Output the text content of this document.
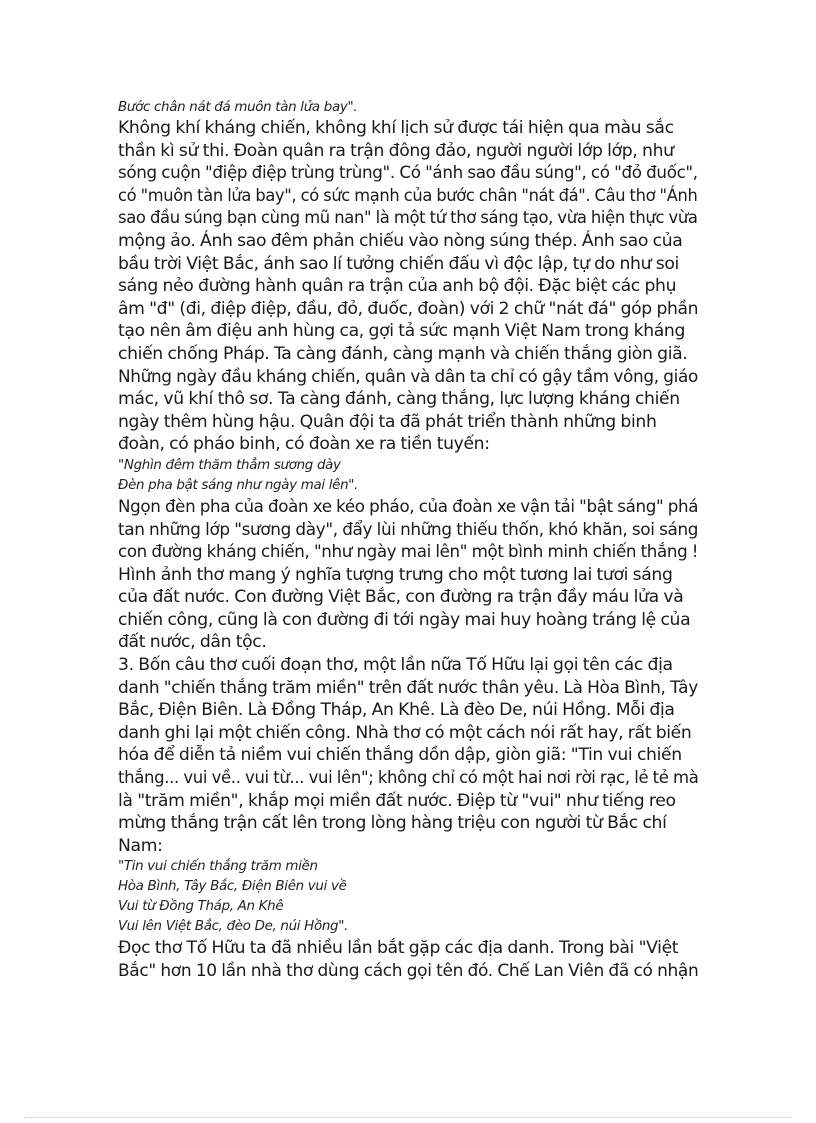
Bước chân nát đá muôn tàn lửa bay".
Không khí kháng chiến, không khí lịch sử được tái hiện qua màu sắc
thần kì sử thi. Đoàn quân ra trận đông đảo, người người lớp lớp, như
sóng cuộn "điệp điệp trùng trùng". Có "ánh sao đầu súng", có "đỏ đuốc",
có "muôn tàn lửa bay", có sức mạnh của bước chân "nát đá". Câu thơ "Ánh
sao đầu súng bạn cùng mũ nan" là một tứ thơ sáng tạo, vừa hiện thực vừa
mộng ảo. Ánh sao đêm phản chiếu vào nòng súng thép. Ánh sao của
bầu trời Việt Bắc, ánh sao lí tưởng chiến đấu vì độc lập, tự do như soi
sáng nẻo đường hành quân ra trận của anh bộ đội. Đặc biệt các phụ
âm "đ" (đi, điệp điệp, đầu, đỏ, đuốc, đoàn) với 2 chữ "nát đá" góp phần
tạo nên âm điệu anh hùng ca, gợi tả sức mạnh Việt Nam trong kháng
chiến chống Pháp. Ta càng đánh, càng mạnh và chiến thắng giòn giã.
Những ngày đầu kháng chiến, quân và dân ta chỉ có gậy tầm vông, giáo
mác, vũ khí thô sơ. Ta càng đánh, càng thắng, lực lượng kháng chiến
ngày thêm hùng hậu. Quân đội ta đã phát triển thành những binh
đoàn, có pháo binh, có đoàn xe ra tiền tuyến:
"Nghìn đêm thăm thẳm sương dày
Đèn pha bật sáng như ngày mai lên".
Ngọn đèn pha của đoàn xe kéo pháo, của đoàn xe vận tải "bật sáng" phá
tan những lớp "sương dày", đẩy lùi những thiếu thốn, khó khăn, soi sáng
con đường kháng chiến, "như ngày mai lên" một bình minh chiến thắng !
Hình ảnh thơ mang ý nghĩa tượng trưng cho một tương lai tươi sáng
của đất nước. Con đường Việt Bắc, con đường ra trận đầy máu lửa và
chiến công, cũng là con đường đi tới ngày mai huy hoàng tráng lệ của
đất nước, dân tộc.
3. Bốn câu thơ cuối đoạn thơ, một lần nữa Tố Hữu lại gọi tên các địa
danh "chiến thắng trăm miền" trên đất nước thân yêu. Là Hòa Bình, Tây
Bắc, Điện Biên. Là Đồng Tháp, An Khê. Là đèo De, núi Hồng. Mỗi địa
danh ghi lại một chiến công. Nhà thơ có một cách nói rất hay, rất biến
hóa để diễn tả niềm vui chiến thắng dồn dập, giòn giã: "Tin vui chiến
thắng... vui về.. vui từ... vui lên"; không chỉ có một hai nơi rời rạc, lẻ tẻ mà
là "trăm miền", khắp mọi miền đất nước. Điệp từ "vui" như tiếng reo
mừng thắng trận cất lên trong lòng hàng triệu con người từ Bắc chí
Nam:
"Tin vui chiến thắng trăm miền
Hòa Bình, Tây Bắc, Điện Biên vui về
Vui từ Đồng Tháp, An Khê
Vui lên Việt Bắc, đèo De, núi Hồng".
Đọc thơ Tố Hữu ta đã nhiều lần bắt gặp các địa danh. Trong bài "Việt
Bắc" hơn 10 lần nhà thơ dùng cách gọi tên đó. Chế Lan Viên đã có nhận
